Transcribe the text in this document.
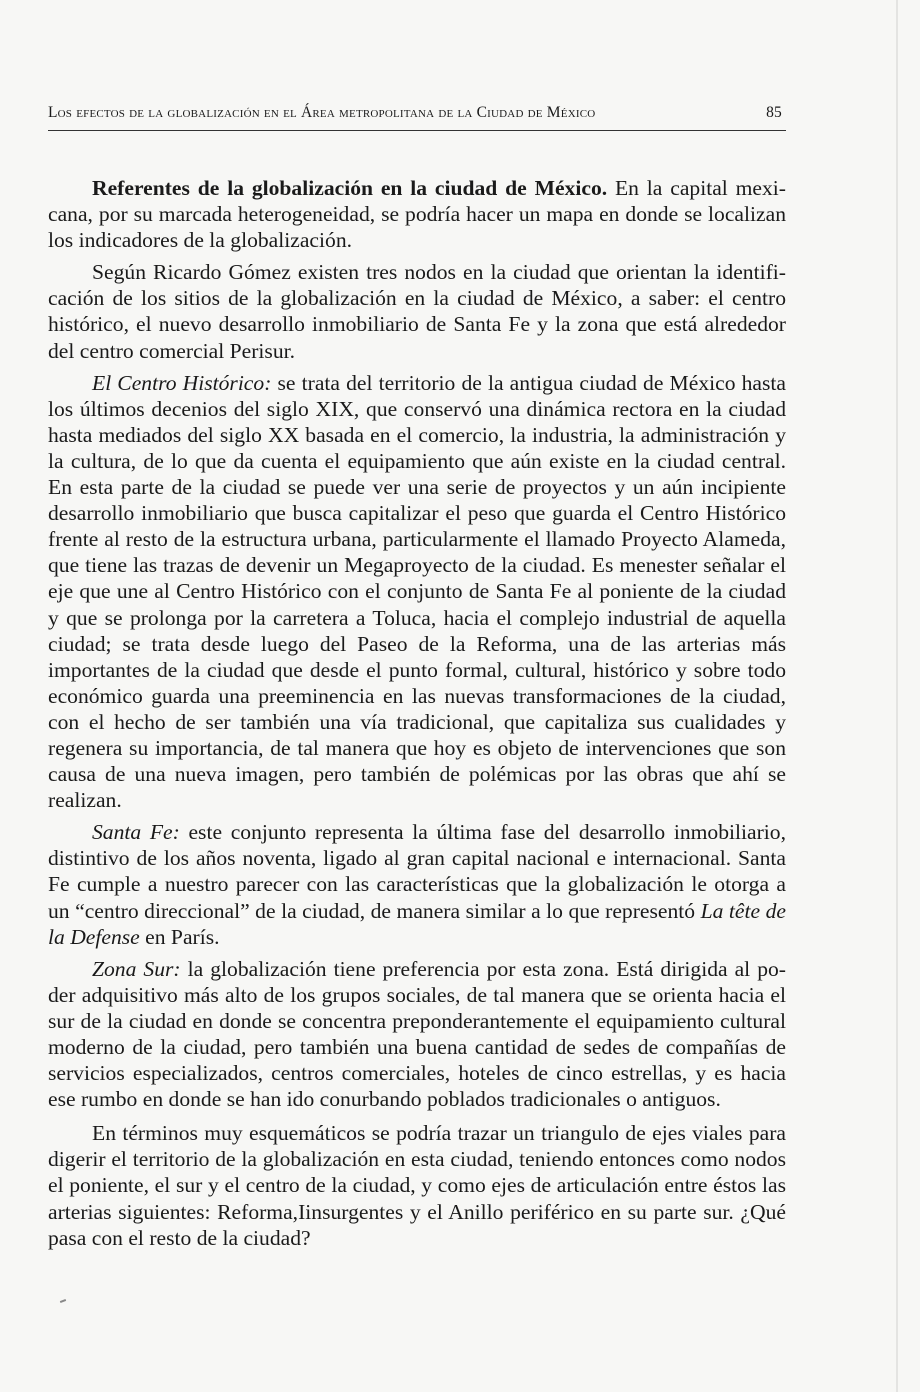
Los efectos de la globalización en el Área metropolitana de la Ciudad de México	85

Referentes de la globalización en la ciudad de México. En la capital mexicana, por su marcada heterogeneidad, se podría hacer un mapa en donde se localizan los indicadores de la globalización.

Según Ricardo Gómez existen tres nodos en la ciudad que orientan la identificación de los sitios de la globalización en la ciudad de México, a saber: el centro histórico, el nuevo desarrollo inmobiliario de Santa Fe y la zona que está alrededor del centro comercial Perisur.

El Centro Histórico: se trata del territorio de la antigua ciudad de México hasta los últimos decenios del siglo XIX, que conservó una dinámica rectora en la ciudad hasta mediados del siglo XX basada en el comercio, la industria, la administración y la cultura, de lo que da cuenta el equipamiento que aún existe en la ciudad central. En esta parte de la ciudad se puede ver una serie de proyectos y un aún incipiente desarrollo inmobiliario que busca capitalizar el peso que guarda el Centro Histórico frente al resto de la estructura urbana, particularmente el llamado Proyecto Alameda, que tiene las trazas de devenir un Megaproyecto de la ciudad. Es menester señalar el eje que une al Centro Histórico con el conjunto de Santa Fe al poniente de la ciudad y que se prolonga por la carretera a Toluca, hacia el complejo industrial de aquella ciudad; se trata desde luego del Paseo de la Reforma, una de las arterias más importantes de la ciudad que desde el punto formal, cultural, histórico y sobre todo económico guarda una preeminencia en las nuevas transformaciones de la ciudad, con el hecho de ser también una vía tradicional, que capitaliza sus cualidades y regenera su importancia, de tal manera que hoy es objeto de intervenciones que son causa de una nueva imagen, pero también de polémicas por las obras que ahí se realizan.

Santa Fe: este conjunto representa la última fase del desarrollo inmobiliario, distintivo de los años noventa, ligado al gran capital nacional e internacional. Santa Fe cumple a nuestro parecer con las características que la globalización le otorga a un “centro direccional” de la ciudad, de manera similar a lo que representó La tête de la Defense en París.

Zona Sur: la globalización tiene preferencia por esta zona. Está dirigida al poder adquisitivo más alto de los grupos sociales, de tal manera que se orienta hacia el sur de la ciudad en donde se concentra preponderantemente el equipamiento cultural moderno de la ciudad, pero también una buena cantidad de sedes de compañías de servicios especializados, centros comerciales, hoteles de cinco estrellas, y es hacia ese rumbo en donde se han ido conurbando poblados tradicionales o antiguos.

En términos muy esquemáticos se podría trazar un triangulo de ejes viales para digerir el territorio de la globalización en esta ciudad, teniendo entonces como nodos el poniente, el sur y el centro de la ciudad, y como ejes de articulación entre éstos las arterias siguientes: Reforma,Iinsurgentes y el Anillo periférico en su parte sur. ¿Qué pasa con el resto de la ciudad?
